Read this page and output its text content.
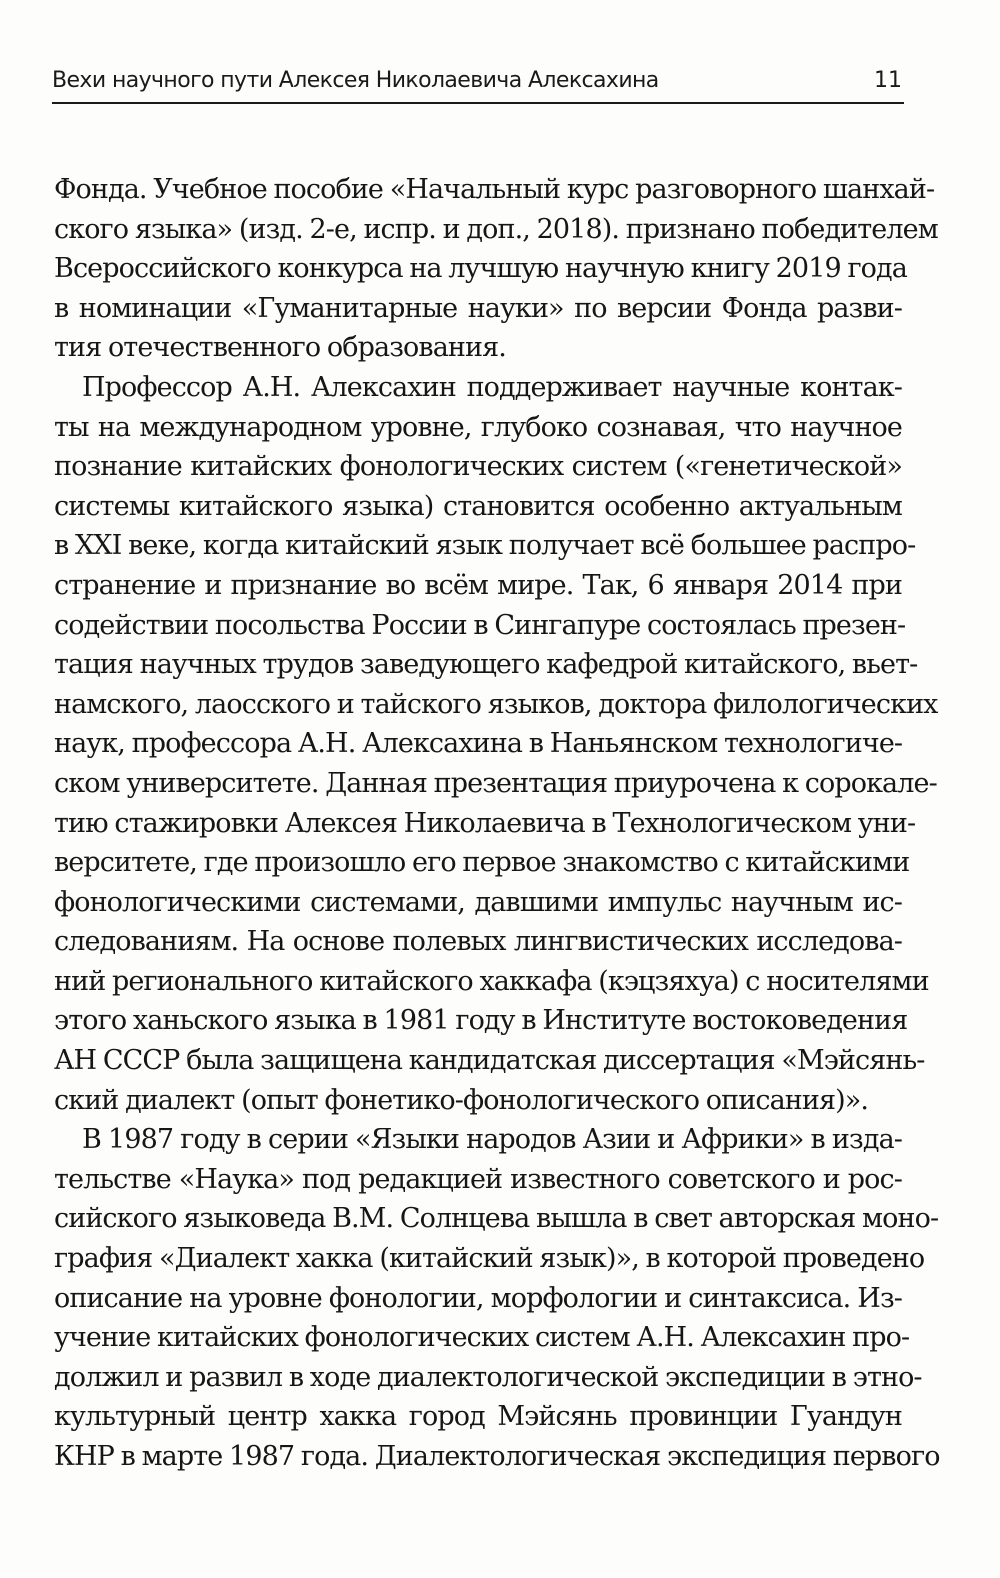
Вехи научного пути Алексея Николаевича Алексахина	11
Фонда. Учебное пособие «Начальный курс разговорного шанхай-
ского языка» (изд. 2-е, испр. и доп., 2018). признано победителем
Всероссийского конкурса на лучшую научную книгу 2019 года
в номинации «Гуманитарные науки» по версии Фонда разви-
тия отечественного образования.
Профессор А.Н. Алексахин поддерживает научные контак-
ты на международном уровне, глубоко сознавая, что научное
познание китайских фонологических систем («генетической»
системы китайского языка) становится особенно актуальным
в XXI веке, когда китайский язык получает всё большее распро-
странение и признание во всём мире. Так, 6 января 2014 при
содействии посольства России в Сингапуре состоялась презен-
тация научных трудов заведующего кафедрой китайского, вьет-
намского, лаосского и тайского языков, доктора филологических
наук, профессора А.Н. Алексахина в Наньянском технологиче-
ском университете. Данная презентация приурочена к сорокале-
тию стажировки Алексея Николаевича в Технологическом уни-
верситете, где произошло его первое знакомство с китайскими
фонологическими системами, давшими импульс научным ис-
следованиям. На основе полевых лингвистических исследова-
ний регионального китайского хаккафа (кэцзяхуа) с носителями
этого ханьского языка в 1981 году в Институте востоковедения
АН СССР была защищена кандидатская диссертация «Мэйсянь-
ский диалект (опыт фонетико-фонологического описания)».
В 1987 году в серии «Языки народов Азии и Африки» в изда-
тельстве «Наука» под редакцией известного советского и рос-
сийского языковеда В.М. Солнцева вышла в свет авторская моно-
графия «Диалект хакка (китайский язык)», в которой проведено
описание на уровне фонологии, морфологии и синтаксиса. Из-
учение китайских фонологических систем А.Н. Алексахин про-
должил и развил в ходе диалектологической экспедиции в этно-
культурный центр хакка город Мэйсянь провинции Гуандун
КНР в марте 1987 года. Диалектологическая экспедиция первого
